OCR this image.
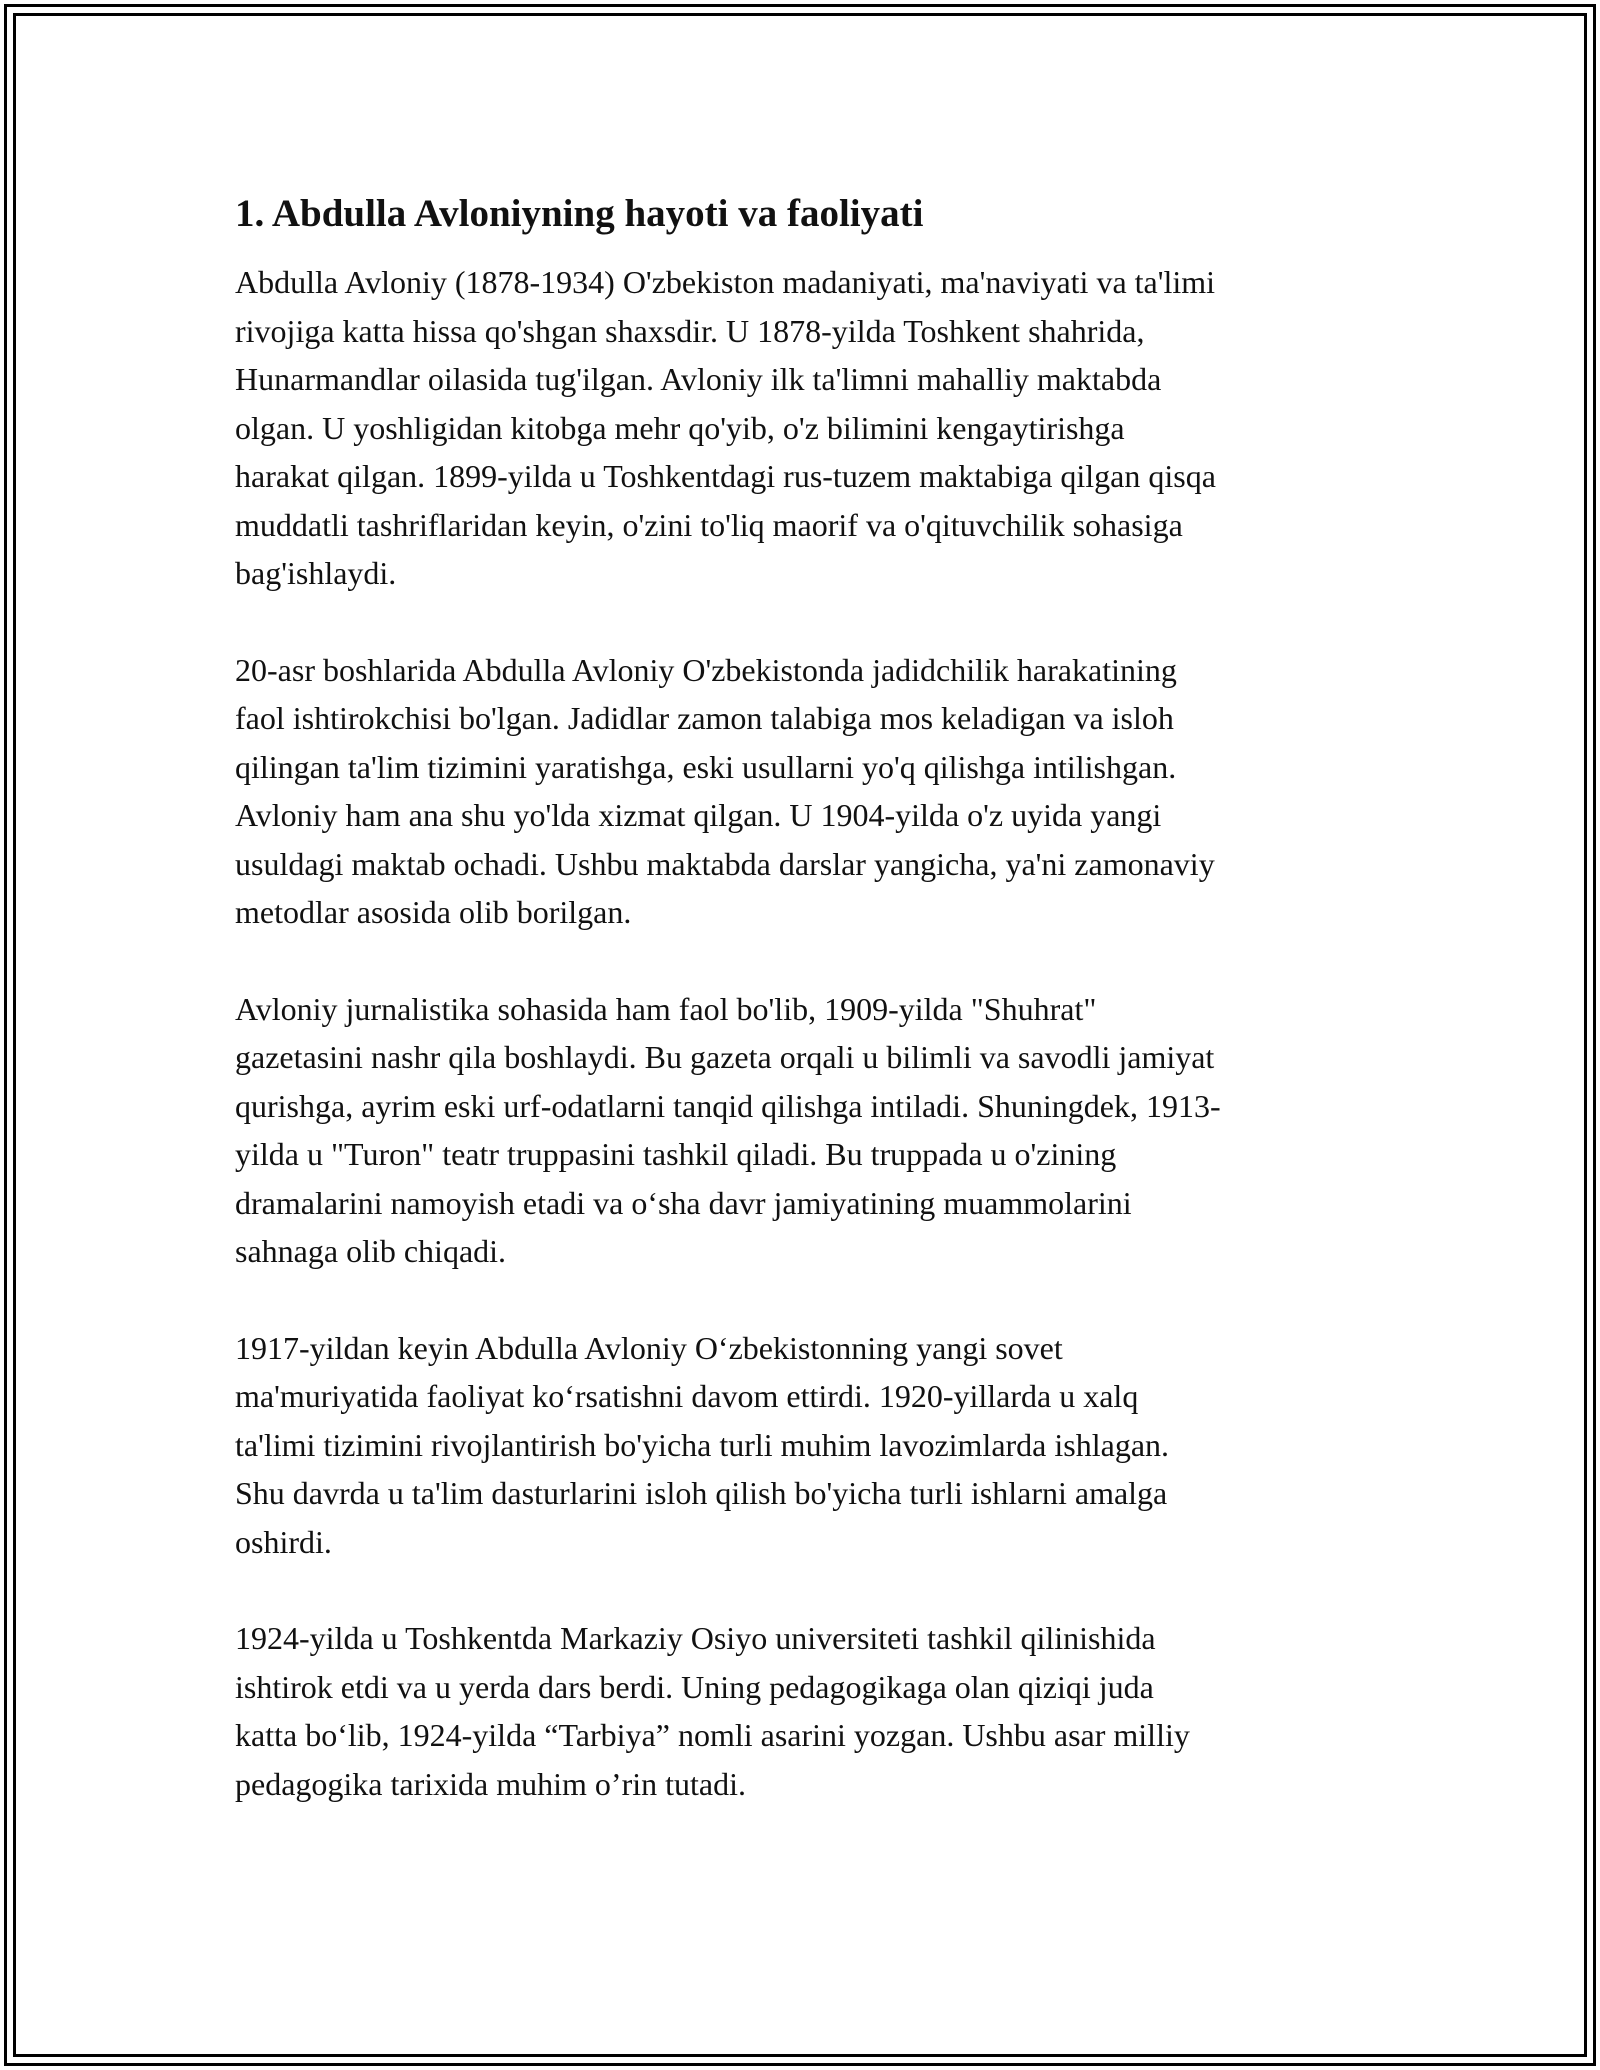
1. Abdulla Avloniyning hayoti va faoliyati

Abdulla Avloniy (1878-1934) O'zbekiston madaniyati, ma'naviyati va ta'limi
rivojiga katta hissa qo'shgan shaxsdir. U 1878-yilda Toshkent shahrida,
Hunarmandlar oilasida tug'ilgan. Avloniy ilk ta'limni mahalliy maktabda
olgan. U yoshligidan kitobga mehr qo'yib, o'z bilimini kengaytirishga
harakat qilgan. 1899-yilda u Toshkentdagi rus-tuzem maktabiga qilgan qisqa
muddatli tashriflaridan keyin, o'zini to'liq maorif va o'qituvchilik sohasiga
bag'ishlaydi.

20-asr boshlarida Abdulla Avloniy O'zbekistonda jadidchilik harakatining
faol ishtirokchisi bo'lgan. Jadidlar zamon talabiga mos keladigan va isloh
qilingan ta'lim tizimini yaratishga, eski usullarni yo'q qilishga intilishgan.
Avloniy ham ana shu yo'lda xizmat qilgan. U 1904-yilda o'z uyida yangi
usuldagi maktab ochadi. Ushbu maktabda darslar yangicha, ya'ni zamonaviy
metodlar asosida olib borilgan.

Avloniy jurnalistika sohasida ham faol bo'lib, 1909-yilda "Shuhrat"
gazetasini nashr qila boshlaydi. Bu gazeta orqali u bilimli va savodli jamiyat
qurishga, ayrim eski urf-odatlarni tanqid qilishga intiladi. Shuningdek, 1913-
yilda u "Turon" teatr truppasini tashkil qiladi. Bu truppada u o'zining
dramalarini namoyish etadi va o‘sha davr jamiyatining muammolarini
sahnaga olib chiqadi.

1917-yildan keyin Abdulla Avloniy O‘zbekistonning yangi sovet
ma'muriyatida faoliyat ko‘rsatishni davom ettirdi. 1920-yillarda u xalq
ta'limi tizimini rivojlantirish bo'yicha turli muhim lavozimlarda ishlagan.
Shu davrda u ta'lim dasturlarini isloh qilish bo'yicha turli ishlarni amalga
oshirdi.

1924-yilda u Toshkentda Markaziy Osiyo universiteti tashkil qilinishida
ishtirok etdi va u yerda dars berdi. Uning pedagogikaga olan qiziqi juda
katta bo‘lib, 1924-yilda “Tarbiya” nomli asarini yozgan. Ushbu asar milliy
pedagogika tarixida muhim o’rin tutadi.
